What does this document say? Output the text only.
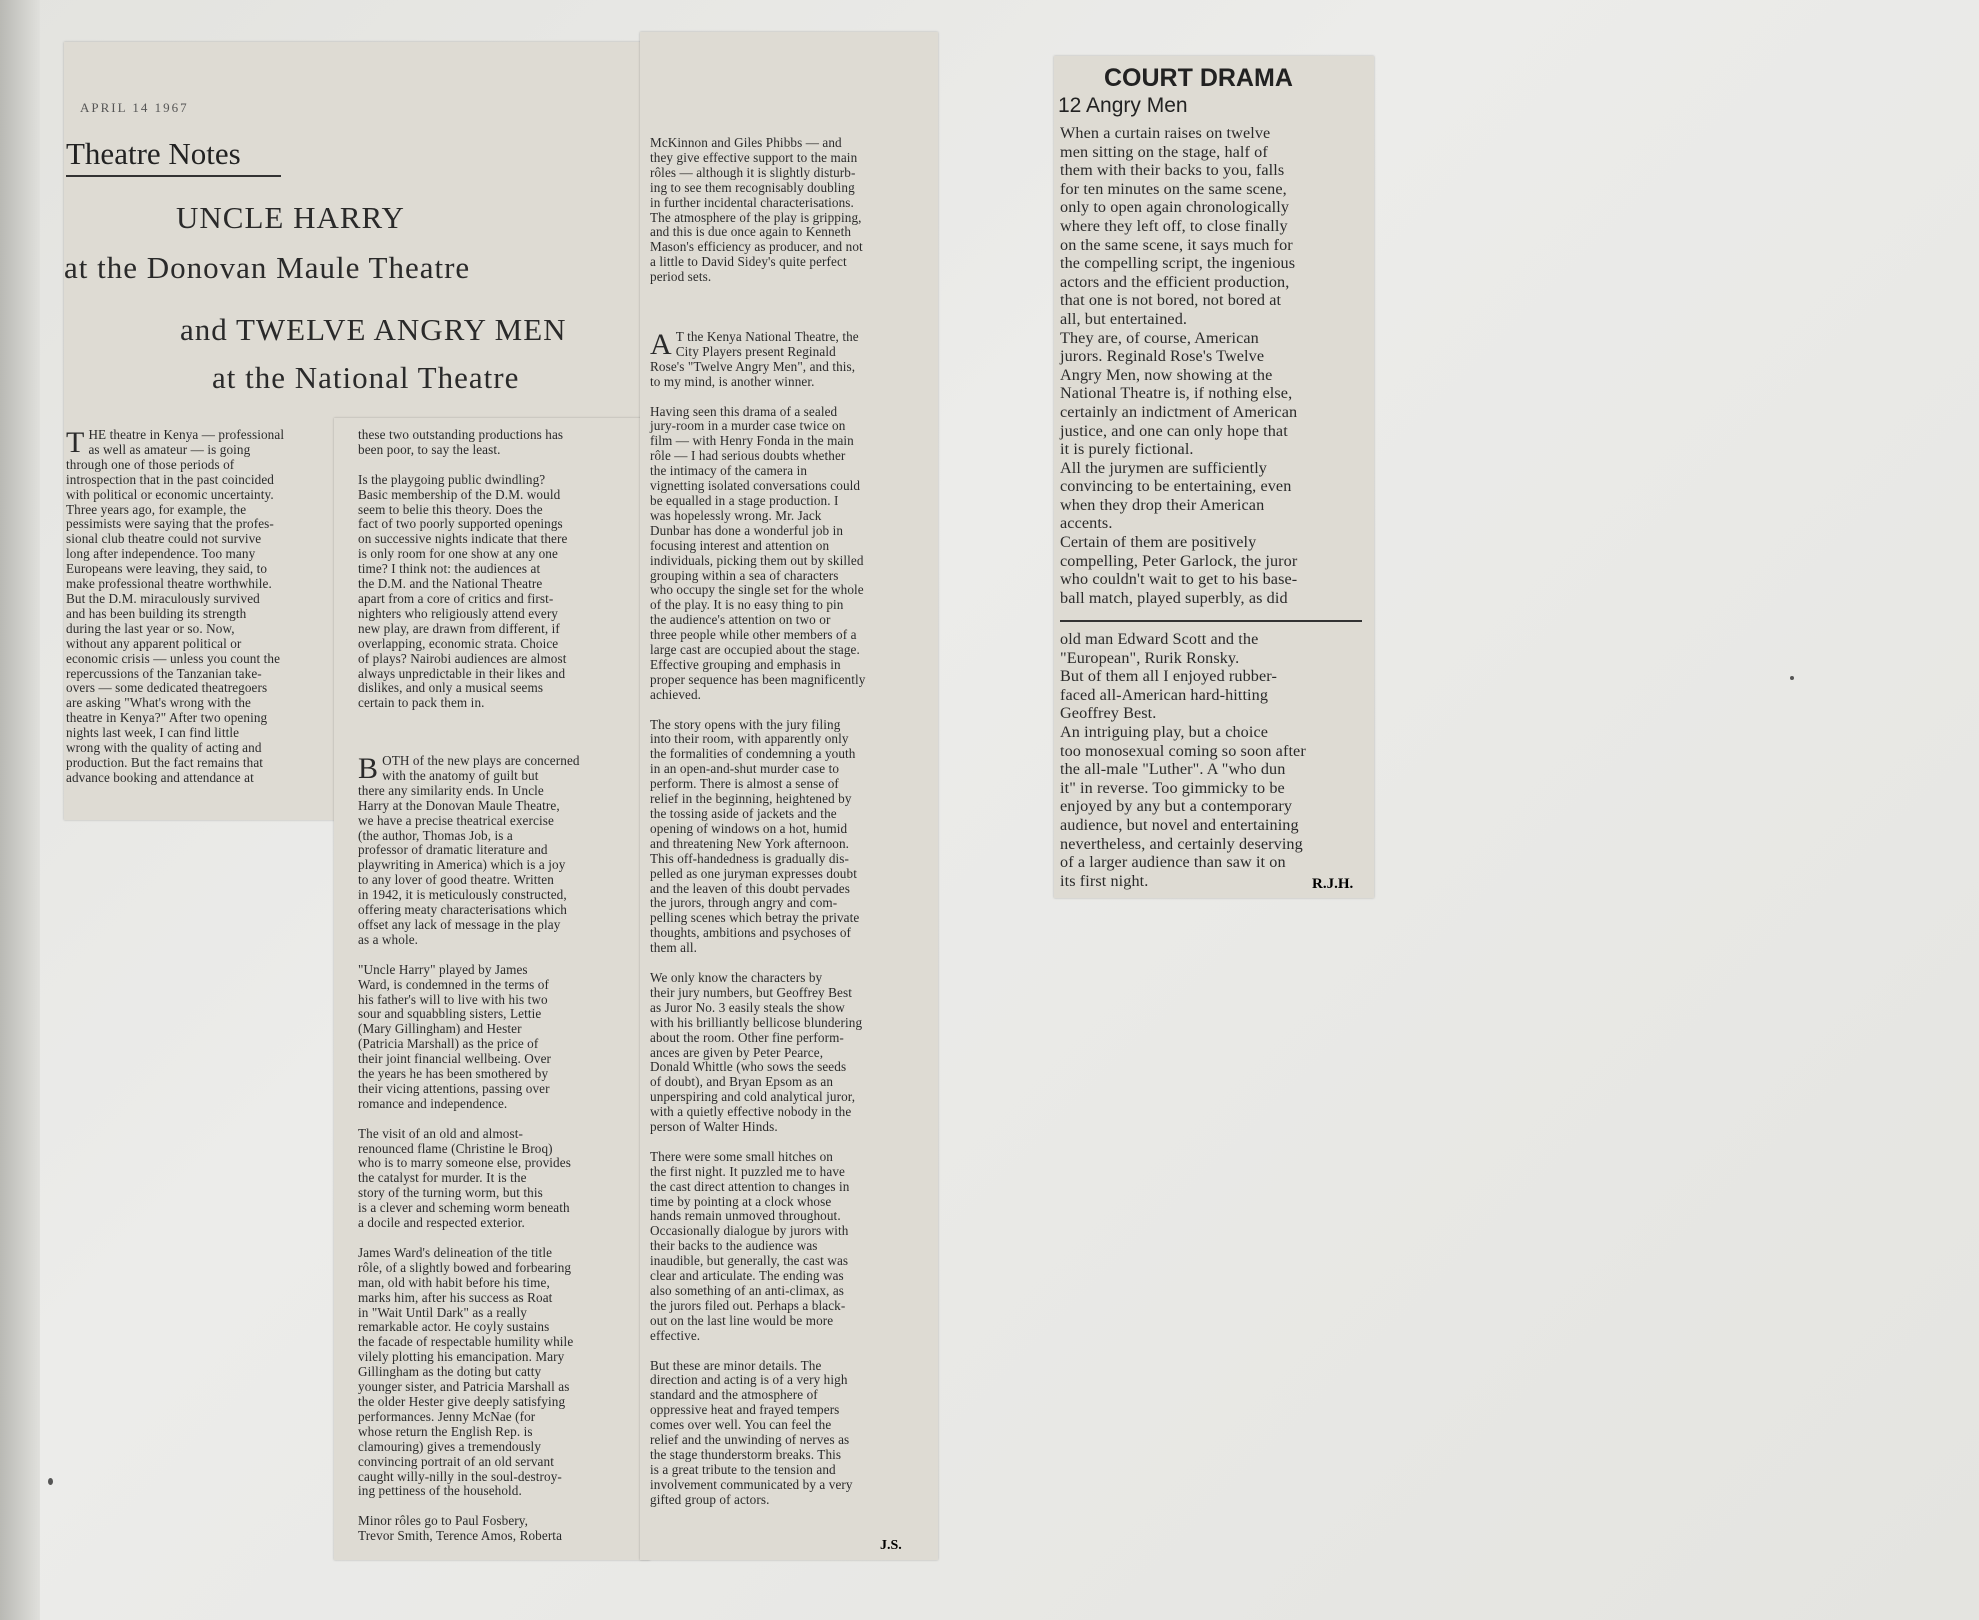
APRIL 14 1967
Theatre Notes
UNCLE HARRY
at the Donovan Maule Theatre
and TWELVE ANGRY MEN
at the National Theatre

THE theatre in Kenya — professional
as well as amateur — is going
through one of those periods of
introspection that in the past coincided
with political or economic uncertainty.
Three years ago, for example, the
pessimists were saying that the profes-
sional club theatre could not survive
long after independence. Too many
Europeans were leaving, they said, to
make professional theatre worthwhile.
But the D.M. miraculously survived
and has been building its strength
during the last year or so. Now,
without any apparent political or
economic crisis — unless you count the
repercussions of the Tanzanian take-
overs — some dedicated theatregoers
are asking "What's wrong with the
theatre in Kenya?" After two opening
nights last week, I can find little
wrong with the quality of acting and
production. But the fact remains that
advance booking and attendance at

these two outstanding productions has
been poor, to say the least.

Is the playgoing public dwindling?
Basic membership of the D.M. would
seem to belie this theory. Does the
fact of two poorly supported openings
on successive nights indicate that there
is only room for one show at any one
time? I think not: the audiences at
the D.M. and the National Theatre
apart from a core of critics and first-
nighters who religiously attend every
new play, are drawn from different, if
overlapping, economic strata. Choice
of plays? Nairobi audiences are almost
always unpredictable in their likes and
dislikes, and only a musical seems
certain to pack them in.

BOTH of the new plays are concerned
with the anatomy of guilt but
there any similarity ends. In Uncle
Harry at the Donovan Maule Theatre,
we have a precise theatrical exercise
(the author, Thomas Job, is a
professor of dramatic literature and
playwriting in America) which is a joy
to any lover of good theatre. Written
in 1942, it is meticulously constructed,
offering meaty characterisations which
offset any lack of message in the play
as a whole.

"Uncle Harry" played by James
Ward, is condemned in the terms of
his father's will to live with his two
sour and squabbling sisters, Lettie
(Mary Gillingham) and Hester
(Patricia Marshall) as the price of
their joint financial wellbeing. Over
the years he has been smothered by
their vicing attentions, passing over
romance and independence.

The visit of an old and almost-
renounced flame (Christine le Broq)
who is to marry someone else, provides
the catalyst for murder. It is the
story of the turning worm, but this
is a clever and scheming worm beneath
a docile and respected exterior.

James Ward's delineation of the title
rôle, of a slightly bowed and forbearing
man, old with habit before his time,
marks him, after his success as Roat
in "Wait Until Dark" as a really
remarkable actor. He coyly sustains
the facade of respectable humility while
vilely plotting his emancipation. Mary
Gillingham as the doting but catty
younger sister, and Patricia Marshall as
the older Hester give deeply satisfying
performances. Jenny McNae (for
whose return the English Rep. is
clamouring) gives a tremendously
convincing portrait of an old servant
caught willy-nilly in the soul-destroy-
ing pettiness of the household.

Minor rôles go to Paul Fosbery,
Trevor Smith, Terence Amos, Roberta

McKinnon and Giles Phibbs — and
they give effective support to the main
rôles — although it is slightly disturb-
ing to see them recognisably doubling
in further incidental characterisations.
The atmosphere of the play is gripping,
and this is due once again to Kenneth
Mason's efficiency as producer, and not
a little to David Sidey's quite perfect
period sets.

AT the Kenya National Theatre, the
City Players present Reginald
Rose's "Twelve Angry Men", and this,
to my mind, is another winner.

Having seen this drama of a sealed
jury-room in a murder case twice on
film — with Henry Fonda in the main
rôle — I had serious doubts whether
the intimacy of the camera in
vignetting isolated conversations could
be equalled in a stage production. I
was hopelessly wrong. Mr. Jack
Dunbar has done a wonderful job in
focusing interest and attention on
individuals, picking them out by skilled
grouping within a sea of characters
who occupy the single set for the whole
of the play. It is no easy thing to pin
the audience's attention on two or
three people while other members of a
large cast are occupied about the stage.
Effective grouping and emphasis in
proper sequence has been magnificently
achieved.

The story opens with the jury filing
into their room, with apparently only
the formalities of condemning a youth
in an open-and-shut murder case to
perform. There is almost a sense of
relief in the beginning, heightened by
the tossing aside of jackets and the
opening of windows on a hot, humid
and threatening New York afternoon.
This off-handedness is gradually dis-
pelled as one juryman expresses doubt
and the leaven of this doubt pervades
the jurors, through angry and com-
pelling scenes which betray the private
thoughts, ambitions and psychoses of
them all.

We only know the characters by
their jury numbers, but Geoffrey Best
as Juror No. 3 easily steals the show
with his brilliantly bellicose blundering
about the room. Other fine perform-
ances are given by Peter Pearce,
Donald Whittle (who sows the seeds
of doubt), and Bryan Epsom as an
unperspiring and cold analytical juror,
with a quietly effective nobody in the
person of Walter Hinds.

There were some small hitches on
the first night. It puzzled me to have
the cast direct attention to changes in
time by pointing at a clock whose
hands remain unmoved throughout.
Occasionally dialogue by jurors with
their backs to the audience was
inaudible, but generally, the cast was
clear and articulate. The ending was
also something of an anti-climax, as
the jurors filed out. Perhaps a black-
out on the last line would be more
effective.

But these are minor details. The
direction and acting is of a very high
standard and the atmosphere of
oppressive heat and frayed tempers
comes over well. You can feel the
relief and the unwinding of nerves as
the stage thunderstorm breaks. This
is a great tribute to the tension and
involvement communicated by a very
gifted group of actors.

J.S.
COURT DRAMA
12 Angry Men

When a curtain raises on twelve
men sitting on the stage, half of
them with their backs to you, falls
for ten minutes on the same scene,
only to open again chronologically
where they left off, to close finally
on the same scene, it says much for
the compelling script, the ingenious
actors and the efficient production,
that one is not bored, not bored at
all, but entertained.
They are, of course, American
jurors. Reginald Rose's Twelve
Angry Men, now showing at the
National Theatre is, if nothing else,
certainly an indictment of American
justice, and one can only hope that
it is purely fictional.
All the jurymen are sufficiently
convincing to be entertaining, even
when they drop their American
accents.
Certain of them are positively
compelling, Peter Garlock, the juror
who couldn't wait to get to his base-
ball match, played superbly, as did

old man Edward Scott and the
"European", Rurik Ronsky.
But of them all I enjoyed rubber-
faced all-American hard-hitting
Geoffrey Best.
An intriguing play, but a choice
too monosexual coming so soon after
the all-male "Luther". A "who dun
it" in reverse. Too gimmicky to be
enjoyed by any but a contemporary
audience, but novel and entertaining
nevertheless, and certainly deserving
of a larger audience than saw it on
its first night.	R.J.H.
